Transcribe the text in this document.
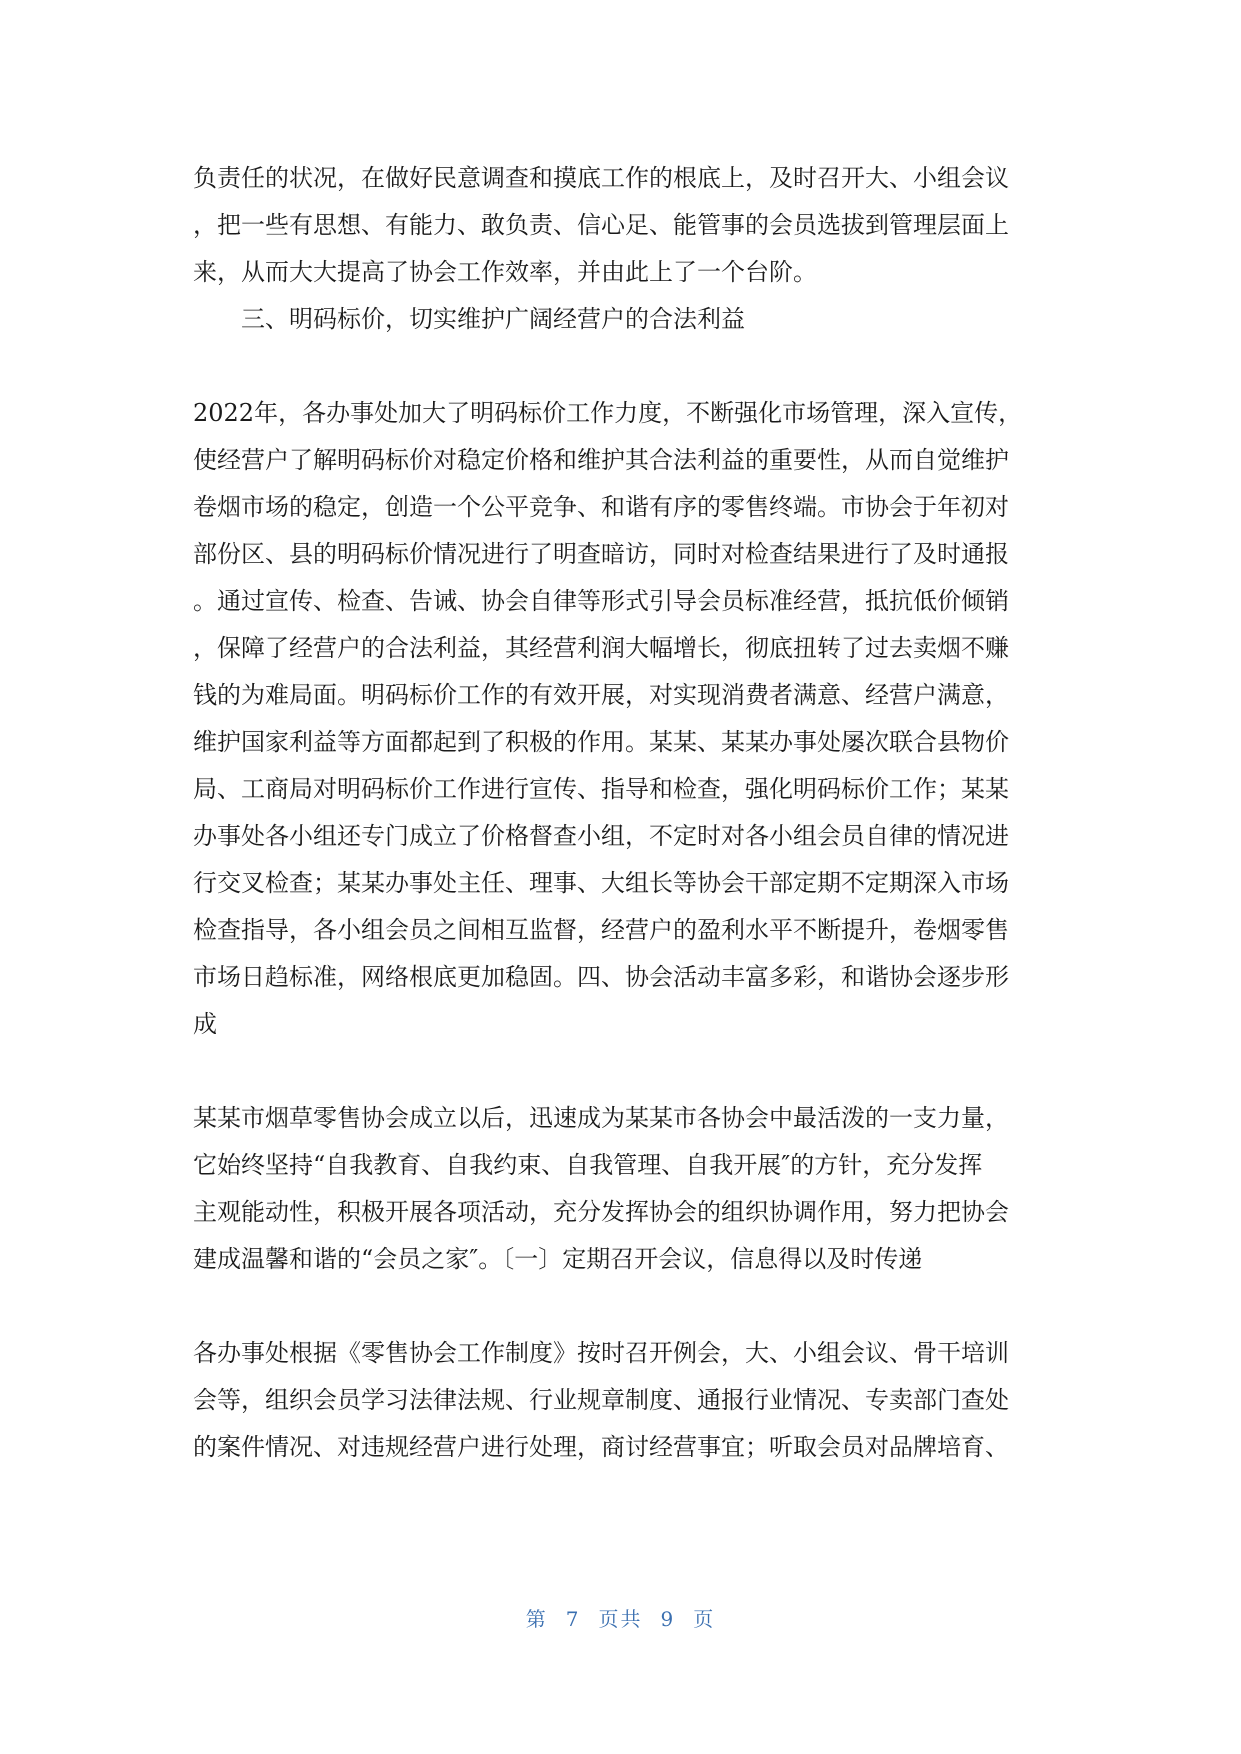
负责任的状况，在做好民意调查和摸底工作的根底上，及时召开大、小组会议
，把一些有思想、有能力、敢负责、信心足、能管事的会员选拔到管理层面上
来，从而大大提高了协会工作效率，并由此上了一个台阶。
三、明码标价，切实维护广阔经营户的合法利益
2022年，各办事处加大了明码标价工作力度，不断强化市场管理，深入宣传，
使经营户了解明码标价对稳定价格和维护其合法利益的重要性，从而自觉维护
卷烟市场的稳定，创造一个公平竞争、和谐有序的零售终端。市协会于年初对
部份区、县的明码标价情况进行了明查暗访，同时对检查结果进行了及时通报
。通过宣传、检查、告诫、协会自律等形式引导会员标准经营，抵抗低价倾销
，保障了经营户的合法利益，其经营利润大幅增长，彻底扭转了过去卖烟不赚
钱的为难局面。明码标价工作的有效开展，对实现消费者满意、经营户满意，
维护国家利益等方面都起到了积极的作用。某某、某某办事处屡次联合县物价
局、工商局对明码标价工作进行宣传、指导和检查，强化明码标价工作；某某
办事处各小组还专门成立了价格督查小组，不定时对各小组会员自律的情况进
行交叉检查；某某办事处主任、理事、大组长等协会干部定期不定期深入市场
检查指导，各小组会员之间相互监督，经营户的盈利水平不断提升，卷烟零售
市场日趋标准，网络根底更加稳固。四、协会活动丰富多彩，和谐协会逐步形
成
某某市烟草零售协会成立以后，迅速成为某某市各协会中最活泼的一支力量，
它始终坚持“自我教育、自我约束、自我管理、自我开展″的方针，充分发挥
主观能动性，积极开展各项活动，充分发挥协会的组织协调作用，努力把协会
建成温馨和谐的“会员之家″。〔一〕定期召开会议，信息得以及时传递
各办事处根据《零售协会工作制度》按时召开例会，大、小组会议、骨干培训
会等，组织会员学习法律法规、行业规章制度、通报行业情况、专卖部门查处
的案件情况、对违规经营户进行处理，商讨经营事宜；听取会员对品牌培育、
第 7 页共 9 页
